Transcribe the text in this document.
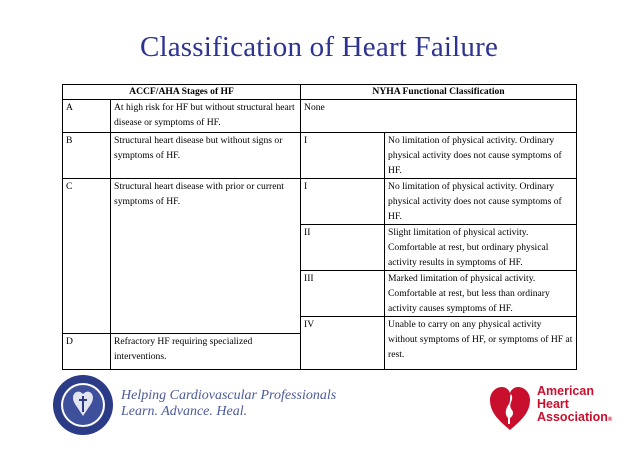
Classification of Heart Failure
ACCF/AHA Stages of HF		NYHA Functional Classification	
A	At high risk for HF but without structural heart disease or symptoms of HF.	None	
B	Structural heart disease but without signs or symptoms of HF.	I	No limitation of physical activity. Ordinary physical activity does not cause symptoms of HF.
C	Structural heart disease with prior or current symptoms of HF.	I	No limitation of physical activity. Ordinary physical activity does not cause symptoms of HF.
		II	Slight limitation of physical activity. Comfortable at rest, but ordinary physical activity results in symptoms of HF.
		III	Marked limitation of physical activity. Comfortable at rest, but less than ordinary activity causes symptoms of HF.
		IV	Unable to carry on any physical activity without symptoms of HF, or symptoms of HF at rest.
D	Refractory HF requiring specialized interventions.		
Helping Cardiovascular Professionals
Learn. Advance. Heal.
American
Heart
Association®
